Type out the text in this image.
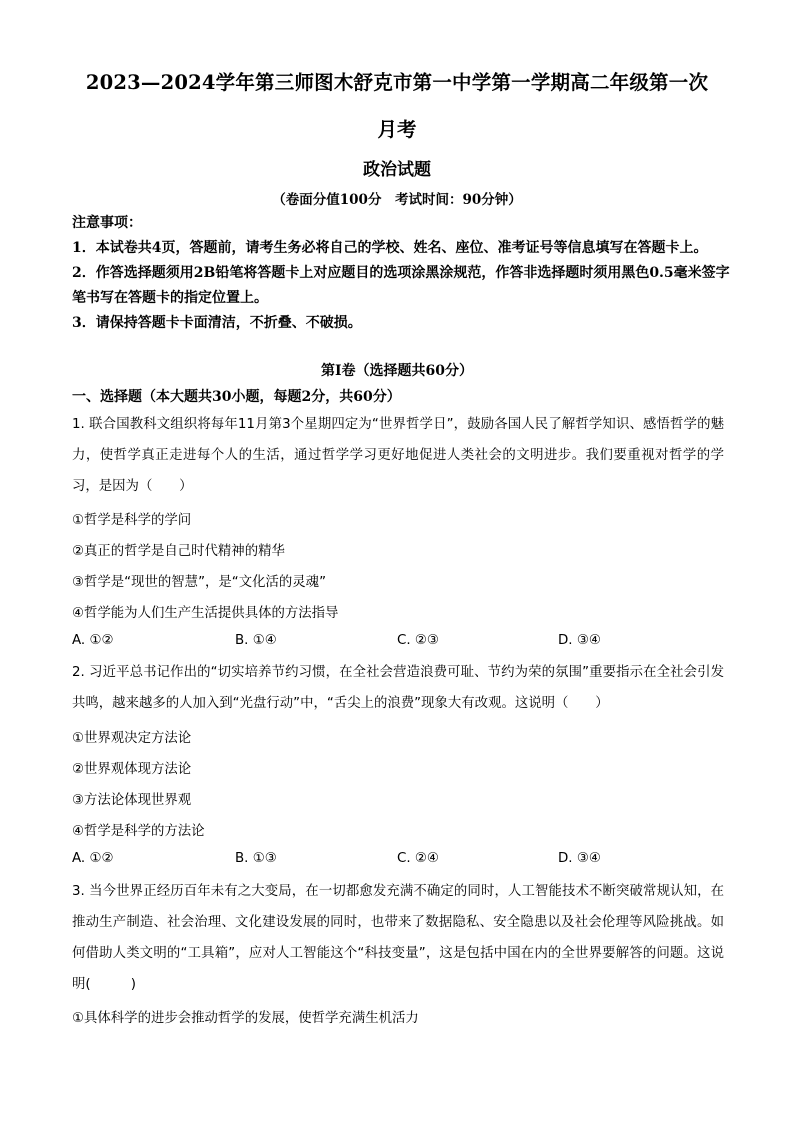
2023—2024学年第三师图木舒克市第一中学第一学期高二年级第一次
月考
政治试题
（卷面分值100分　考试时间：90分钟）

注意事项：

1．本试卷共4页，答题前，请考生务必将自己的学校、姓名、座位、准考证号等信息填写在答题卡上。

2．作答选择题须用2B铅笔将答题卡上对应题目的选项涂黑涂规范，作答非选择题时须用黑色0.5毫米签字笔书写在答题卡的指定位置上。

3．请保持答题卡卡面清洁，不折叠、不破损。

第I卷（选择题共60分）
一、选择题（本大题共30小题，每题2分，共60分）

1. 联合国教科文组织将每年11月第3个星期四定为“世界哲学日”，鼓励各国人民了解哲学知识、感悟哲学的魅力，使哲学真正走进每个人的生活，通过哲学学习更好地促进人类社会的文明进步。我们要重视对哲学的学习，是因为（　　）

①哲学是科学的学问
②真正的哲学是自己时代精神的精华
③哲学是“现世的智慧”，是“文化活的灵魂”
④哲学能为人们生产生活提供具体的方法指导
A. ①②	B. ①④	C. ②③	D. ③④

2. 习近平总书记作出的“切实培养节约习惯，在全社会营造浪费可耻、节约为荣的氛围”重要指示在全社会引发共鸣，越来越多的人加入到“光盘行动”中，“舌尖上的浪费”现象大有改观。这说明（　　）

①世界观决定方法论
②世界观体现方法论
③方法论体现世界观
④哲学是科学的方法论
A. ①②	B. ①③	C. ②④	D. ③④

3. 当今世界正经历百年未有之大变局，在一切都愈发充满不确定的同时，人工智能技术不断突破常规认知，在推动生产制造、社会治理、文化建设发展的同时，也带来了数据隐私、安全隐患以及社会伦理等风险挑战。如何借助人类文明的“工具箱”，应对人工智能这个“科技变量”，这是包括中国在内的全世界要解答的问题。这说明(　　　)

①具体科学的进步会推动哲学的发展，使哲学充满生机活力
